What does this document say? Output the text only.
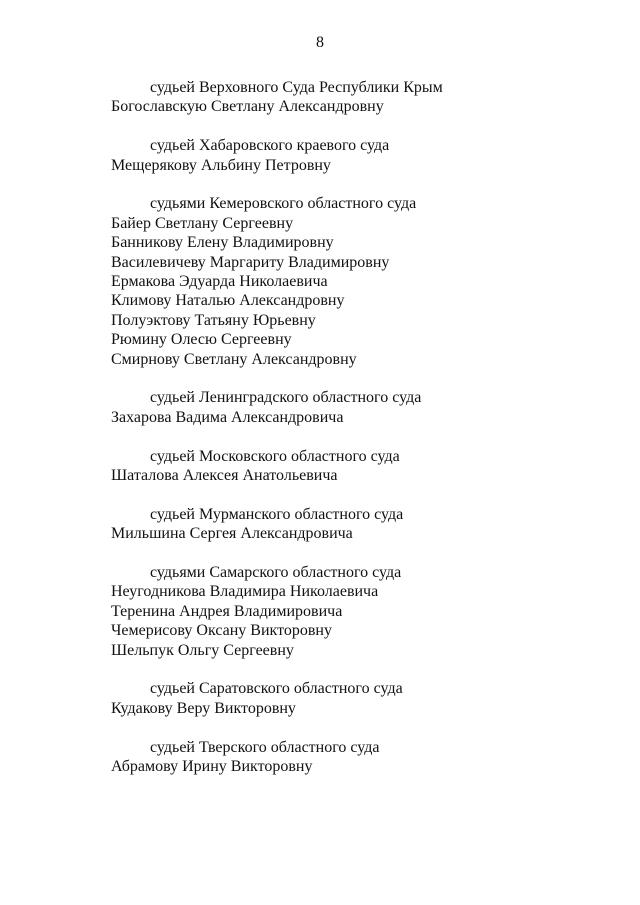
8
судьей Верховного Суда Республики Крым
Богославскую Светлану Александровну
судьей Хабаровского краевого суда
Мещерякову Альбину Петровну
судьями Кемеровского областного суда
Байер Светлану Сергеевну
Банникову Елену Владимировну
Василевичеву Маргариту Владимировну
Ермакова Эдуарда Николаевича
Климову Наталью Александровну
Полуэктову Татьяну Юрьевну
Рюмину Олесю Сергеевну
Смирнову Светлану Александровну
судьей Ленинградского областного суда
Захарова Вадима Александровича
судьей Московского областного суда
Шаталова Алексея Анатольевича
судьей Мурманского областного суда
Мильшина Сергея Александровича
судьями Самарского областного суда
Неугодникова Владимира Николаевича
Теренина Андрея Владимировича
Чемерисову Оксану Викторовну
Шельпук Ольгу Сергеевну
судьей Саратовского областного суда
Кудакову Веру Викторовну
судьей Тверского областного суда
Абрамову Ирину Викторовну
